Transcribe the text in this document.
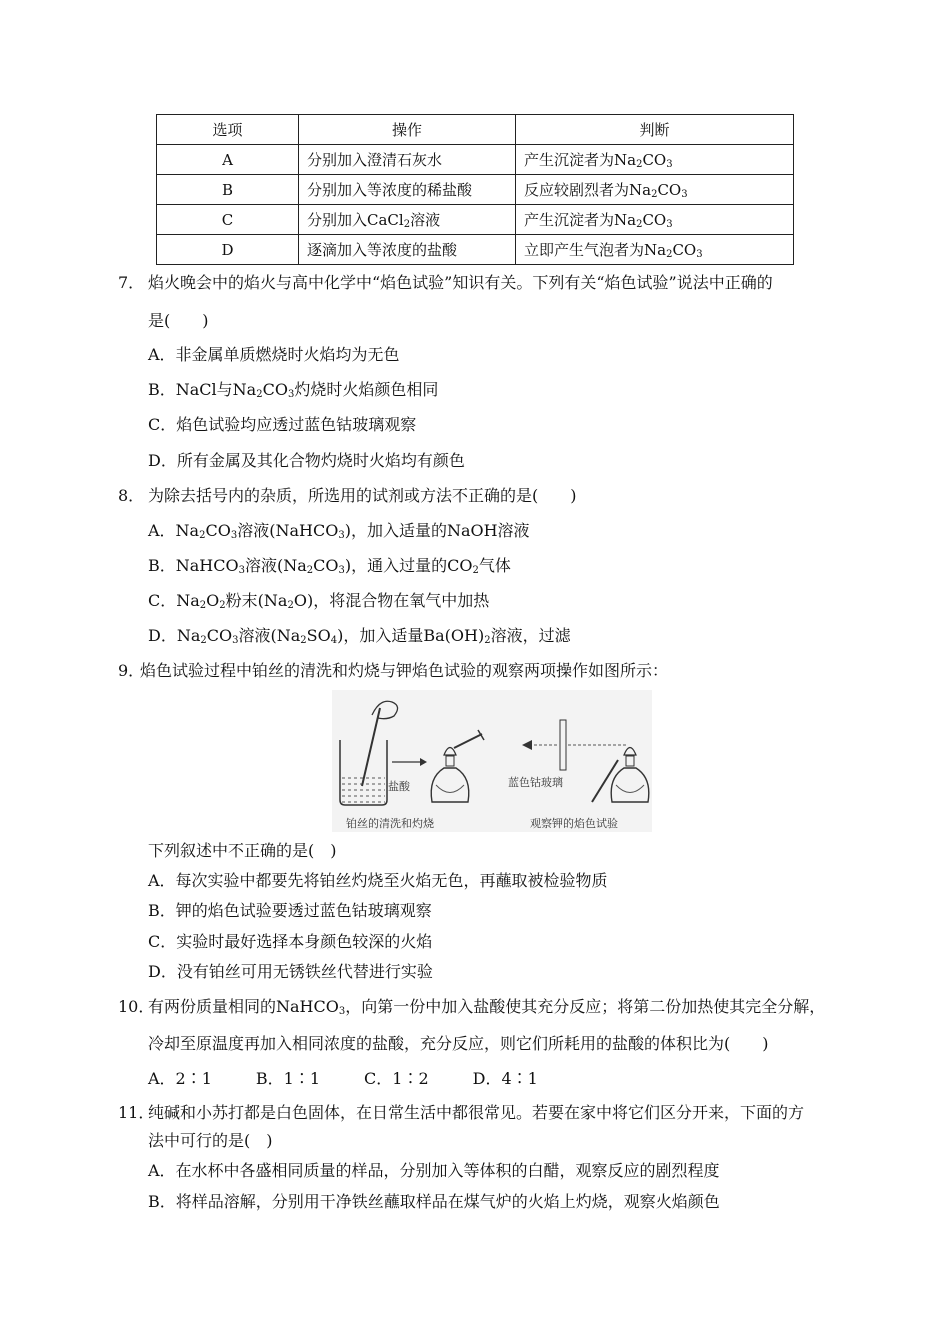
选项	操作	判断
A	分别加入澄清石灰水	产生沉淀者为$Na_2CO_3$
B	分别加入等浓度的稀盐酸	反应较剧烈者为$Na_2CO_3$
C	分别加入CaCl$_2$溶液	产生沉淀者为$Na_2CO_3$
D	逐滴加入等浓度的盐酸	立即产生气泡者为$Na_2CO_3$
7． 焰火晚会中的焰火与高中化学中“焰色试验”知识有关。下列有关“焰色试验”说法中正确的
是(　　)
A．非金属单质燃烧时火焰均为无色
B．NaCl与$Na_2CO_3$灼烧时火焰颜色相同
C．焰色试验均应透过蓝色钴玻璃观察
D．所有金属及其化合物灼烧时火焰均有颜色
8． 为除去括号内的杂质，所选用的试剂或方法不正确的是(　　)
A．$Na_2CO_3$溶液(NaHCO$_3$)，加入适量的NaOH溶液
B．NaHCO$_3$溶液$(Na_2CO_3)$，通入过量的$CO_2$气体
C．$Na_2O_2$粉末$(Na_2O)$，将混合物在氧气中加热
D．$Na_2CO_3$溶液$(Na_2SO_4)$，加入适量$Ba(OH)_2$溶液，过滤
9．焰色试验过程中铂丝的清洗和灼烧与钾焰色试验的观察两项操作如图所示：
盐酸
铂丝的清洗和灼烧
蓝色钴玻璃
观察钾的焰色试验
下列叙述中不正确的是(　)
A．每次实验中都要先将铂丝灼烧至火焰无色，再蘸取被检验物质
B．钾的焰色试验要透过蓝色钴玻璃观察
C．实验时最好选择本身颜色较深的火焰
D．没有铂丝可用无锈铁丝代替进行实验
10．有两份质量相同的NaHCO$_3$，向第一份中加入盐酸使其充分反应；将第二份加热使其完全分解，
冷却至原温度再加入相同浓度的盐酸，充分反应，则它们所耗用的盐酸的体积比为(　　)
A．2∶1	B．1∶1	C．1∶2	D．4∶1
11．纯碱和小苏打都是白色固体，在日常生活中都很常见。若要在家中将它们区分开来，下面的方
法中可行的是(　)
A．在水杯中各盛相同质量的样品，分别加入等体积的白醋，观察反应的剧烈程度
B．将样品溶解，分别用干净铁丝蘸取样品在煤气炉的火焰上灼烧，观察火焰颜色
